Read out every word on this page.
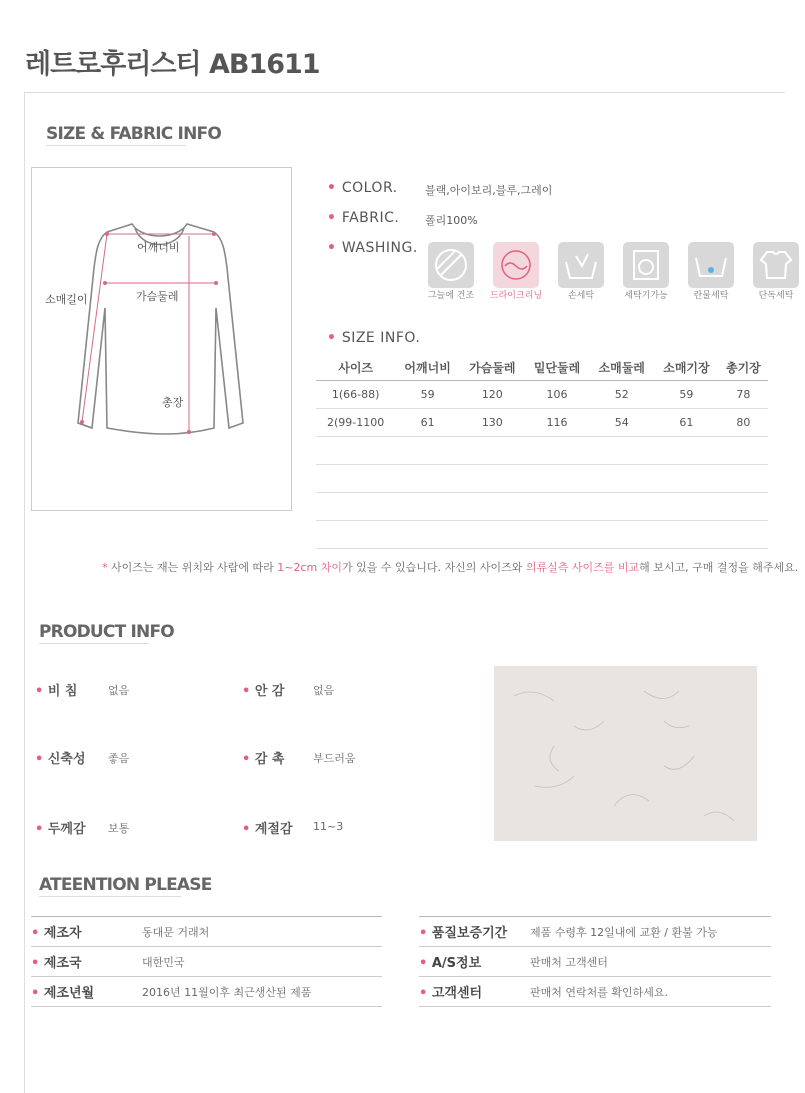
레트로후리스티 AB1611
SIZE & FABRIC INFO
어깨너비
소매길이	가슴둘레
총장
• COLOR. 블랙,아이보리,블루,그레이
• FABRIC. 폴리100%
• WASHING.
그늘에 건조	드라이크리닝	손세탁	세탁기가능	란물세탁	단독세탁
• SIZE INFO.
사이즈	어깨너비	가슴둘레	밑단둘레	소매둘레	소매기장	총기장
1(66-88)	59	120	106	52	59	78
2(99-1100	61	130	116	54	61	80

* 사이즈는 재는 위치와 사람에 따라 1~2cm 차이가 있을 수 있습니다. 자신의 사이즈와 의류실측 사이즈를 비교해 보시고, 구매 결정을 해주세요.
PRODUCT INFO
• 비 침	없음	• 안 감	없음
• 신축성 좋음	• 감 촉	부드러움
• 두께감 보통	• 계절감 11~3
ATEENTION PLEASE
• 제조자	동대문 거래처
• 제조국	대한민국
• 제조년월	2016년 11월이후 최근생산된 제품
• 품질보증기간	제품 수령후 12일내에 교환 / 환불 가능
• A/S정보	판매처 고객센터
• 고객센터	판매처 연락처를 확인하세요.
